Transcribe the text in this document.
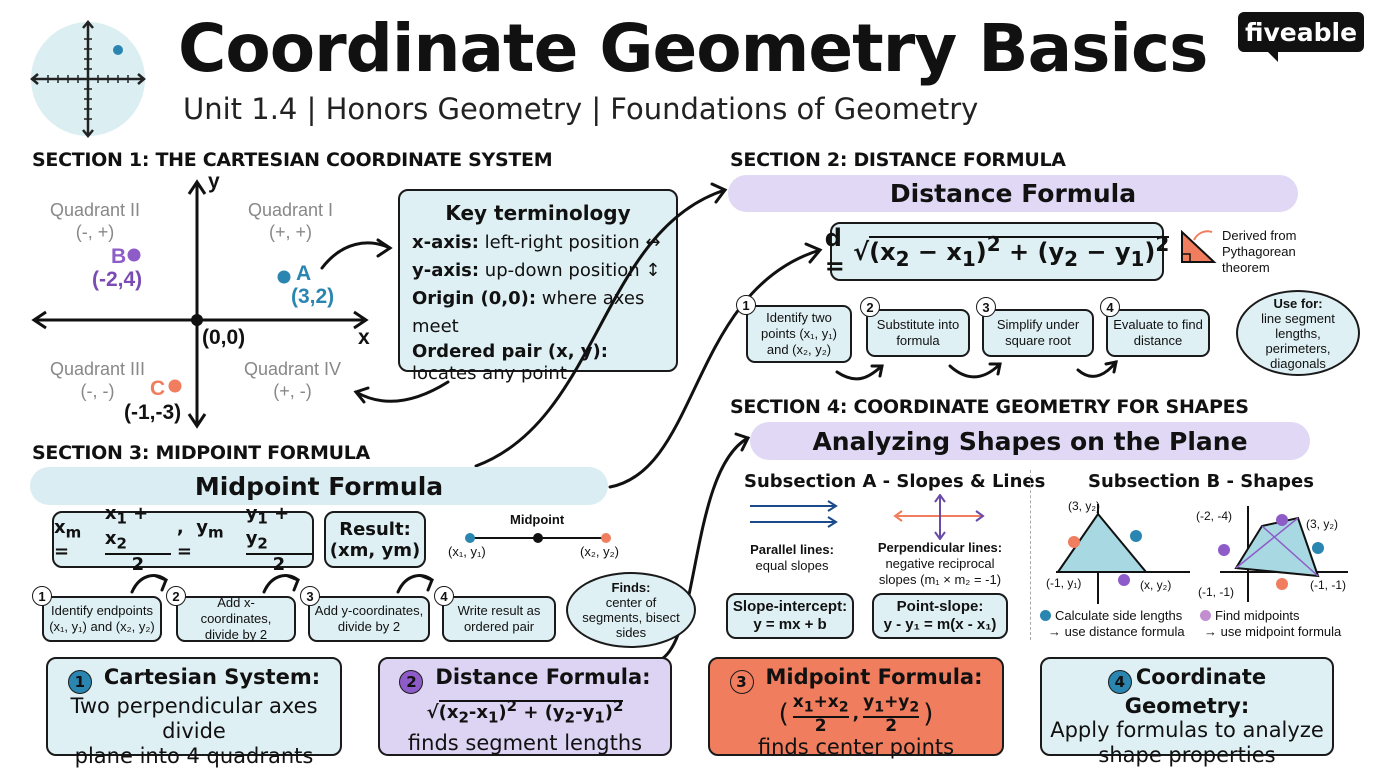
Coordinate Geometry Basics
Unit 1.4 | Honors Geometry | Foundations of Geometry
fiveable
SECTION 1: THE CARTESIAN COORDINATE SYSTEM
y
x
(0,0)
Quadrant II
(-, +)
Quadrant I
(+, +)
Quadrant III
(-, -)
Quadrant IV
(+, -)
B
(-2,4)	A
(3,2)
C
(-1,-3)
Key terminology
x-axis: left-right position ↔
y-axis: up-down position ↕
Origin (0,0): where axes meet
Ordered pair (x, y): locates any point
SECTION 2: DISTANCE FORMULA
Distance Formula
d =
$√(x_2 - x_1)^2 + (y_2 - y_1)^2$	Derived from Pythagorean theorem
Identify two points (x₁, y₁) and (x₂, y₂)
Substitute into formula
Simplify under square root
Evaluate to find distance
1	2	3	4	Use for:
line segment lengths, perimeters, diagonals
SECTION 3: MIDPOINT FORMULA
Midpoint Formula
$x_m$ =	$\frac{x_1 + x_2}{2}$ ,  $y_m$ =	$\frac{y_1 + y_2}{2}$ Result:
(xm, ym)
Midpoint
(x₁, y₁)	(x₂, y₂)
Identify endpoints (x₁, y₁) and (x₂, y₂)
Add x-coordinates, divide by 2
Add y-coordinates, divide by 2
Write result as ordered pair
1	2	3	4
Finds:
center of segments, bisect sides
SECTION 4: COORDINATE GEOMETRY FOR SHAPES
Analyzing Shapes on the Plane
Subsection A - Slopes & Lines Subsection B - Shapes
Parallel lines:
equal slopes
Perpendicular lines:
negative reciprocal
slopes (m₁ × m₂ = -1)
Slope-intercept:
y = mx + b
Point-slope:
y - y₁ = m(x - x₁)
(3, y₂)
(-1, y₁)	(x, y₂)
(-2, -4)
(3, y₂)
(-1, -1)	(-1, -1)
Calculate side lengths
→ use distance formula
Find midpoints
→ use midpoint formula
1 Cartesian System:
Two perpendicular axes divide
plane into 4 quadrants
2 Distance Formula:
$√(x_2-x_1)^2 + (y_2-y_1)^2$
finds segment lengths
3 Midpoint Formula:
( $x_1+x_2$
2
,
$y_1+y_2$
2 )
finds center points
4 Coordinate Geometry:
Apply formulas to analyze
shape properties
